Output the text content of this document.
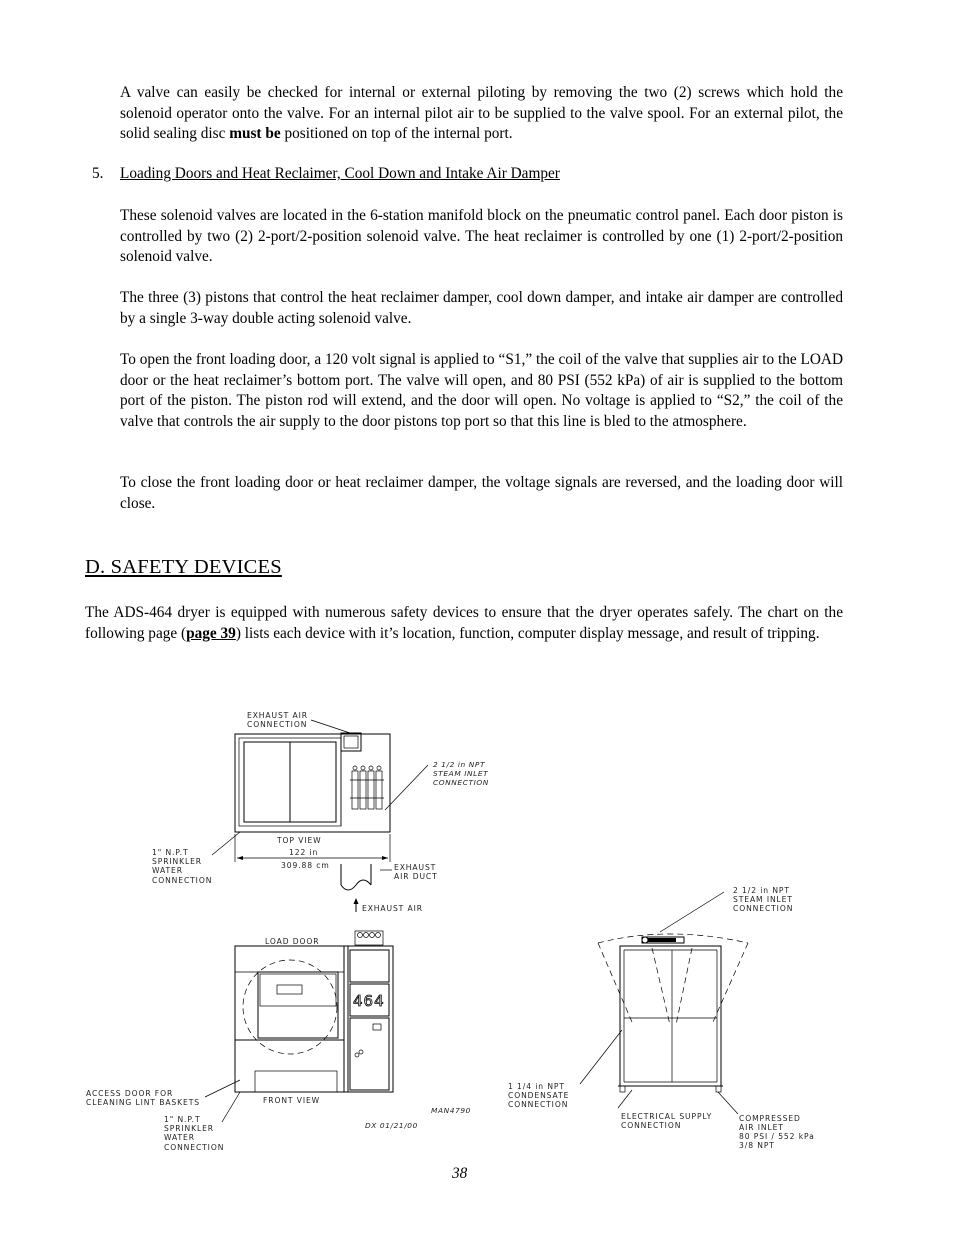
A valve can easily be checked for internal or external piloting by removing the two (2) screws which hold the solenoid operator onto the valve. For an internal pilot air to be supplied to the valve spool. For an external pilot, the solid sealing disc must be positioned on top of the internal port.
5. Loading Doors and Heat Reclaimer, Cool Down and Intake Air Damper
These solenoid valves are located in the 6-station manifold block on the pneumatic control panel. Each door piston is controlled by two (2) 2-port/2-position solenoid valve. The heat reclaimer is controlled by one (1) 2-port/2-position solenoid valve.
The three (3) pistons that control the heat reclaimer damper, cool down damper, and intake air damper are controlled by a single 3-way double acting solenoid valve.
To open the front loading door, a 120 volt signal is applied to “S1,” the coil of the valve that supplies air to the LOAD door or the heat reclaimer’s bottom port. The valve will open, and 80 PSI (552 kPa) of air is supplied to the bottom port of the piston. The piston rod will extend, and the door will open. No voltage is applied to “S2,” the coil of the valve that controls the air supply to the door pistons top port so that this line is bled to the atmosphere.
To close the front loading door or heat reclaimer damper, the voltage signals are reversed, and the loading door will close.
D. SAFETY DEVICES
The ADS-464 dryer is equipped with numerous safety devices to ensure that the dryer operates safely. The chart on the following page (page 39) lists each device with it’s location, function, computer display message, and result of tripping.
38
EXHAUST AIR
CONNECTION
2 1/2 in NPT
STEAM INLET
CONNECTION
1" N.P.T
SPRINKLER
WATER
CONNECTION
TOP VIEW
122 in
309.88 cm	EXHAUST
AIR DUCT
EXHAUST AIR
LOAD DOOR
464
FRONT VIEW
ACCESS DOOR FOR
CLEANING LINT BASKETS
1" N.P.T
SPRINKLER
WATER
CONNECTION
MAN4790
DX 01/21/00
2 1/2 in NPT
STEAM INLET
CONNECTION
1 1/4 in NPT
CONDENSATE
CONNECTION
ELECTRICAL SUPPLY
CONNECTION
COMPRESSED
AIR INLET
80 PSI / 552 kPa
3/8 NPT
